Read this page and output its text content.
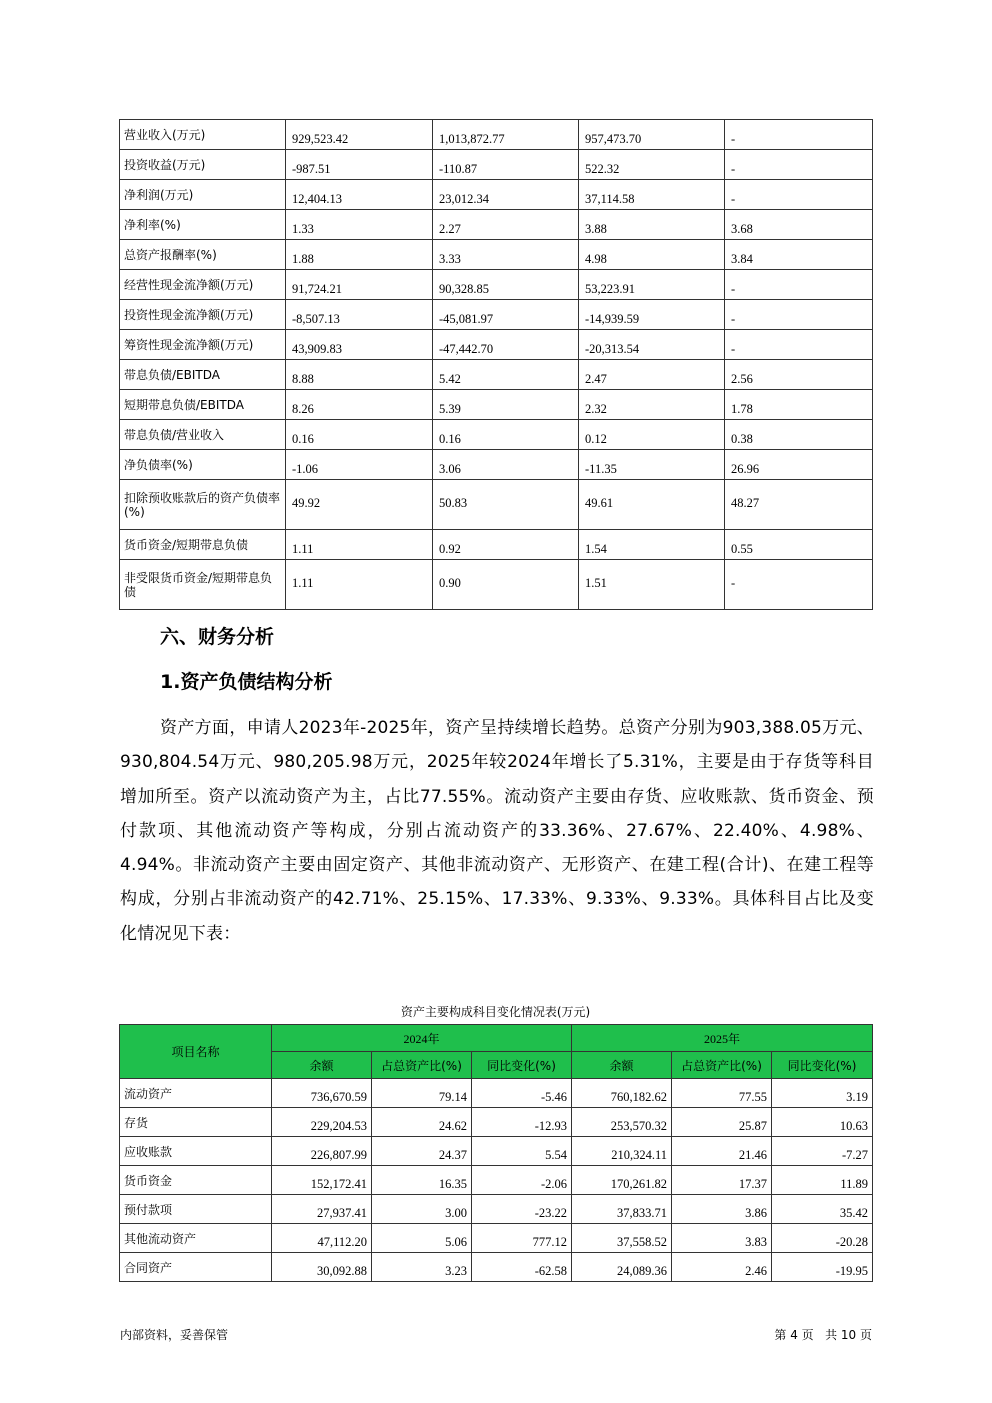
营业收入(万元)	929,523.42	1,013,872.77	957,473.70	-
投资收益(万元)	-987.51	-110.87	522.32	-
净利润(万元)	12,404.13	23,012.34	37,114.58	-
净利率(%)	1.33	2.27	3.88	3.68
总资产报酬率(%)	1.88	3.33	4.98	3.84
经营性现金流净额(万元)	91,724.21	90,328.85	53,223.91	-
投资性现金流净额(万元)	-8,507.13	-45,081.97	-14,939.59	-
筹资性现金流净额(万元)	43,909.83	-47,442.70	-20,313.54	-
带息负债/EBITDA	8.88	5.42	2.47	2.56
短期带息负债/EBITDA	8.26	5.39	2.32	1.78
带息负债/营业收入	0.16	0.16	0.12	0.38
净负债率(%)	-1.06	3.06	-11.35	26.96
扣除预收账款后的资产负债率(%)	49.92	50.83	49.61	48.27
货币资金/短期带息负债	1.11	0.92	1.54	0.55
非受限货币资金/短期带息负债	1.11	0.90	1.51	-
六、财务分析
1.资产负债结构分析
资产方面，申请人2023年-2025年，资产呈持续增长趋势。总资产分别为903,388.05万元、930,804.54万元、980,205.98万元，2025年较2024年增长了5.31%，主要是由于存货等科目增加所至。资产以流动资产为主，占比77.55%。流动资产主要由存货、应收账款、货币资金、预付款项、其他流动资产等构成，分别占流动资产的33.36%、27.67%、22.40%、4.98%、4.94%。非流动资产主要由固定资产、其他非流动资产、无形资产、在建工程(合计)、在建工程等构成，分别占非流动资产的42.71%、25.15%、17.33%、9.33%、9.33%。具体科目占比及变化情况见下表：
资产主要构成科目变化情况表(万元)
项目名称	2024年			2025年		
	余额	占总资产比(%)	同比变化(%)	余额	占总资产比(%)	同比变化(%)
流动资产	736,670.59	79.14	-5.46	760,182.62	77.55	3.19
存货	229,204.53	24.62	-12.93	253,570.32	25.87	10.63
应收账款	226,807.99	24.37	5.54	210,324.11	21.46	-7.27
货币资金	152,172.41	16.35	-2.06	170,261.82	17.37	11.89
预付款项	27,937.41	3.00	-23.22	37,833.71	3.86	35.42
其他流动资产	47,112.20	5.06	777.12	37,558.52	3.83	-20.28
合同资产	30,092.88	3.23	-62.58	24,089.36	2.46	-19.95
内部资料，妥善保管	第 4 页   共 10 页
